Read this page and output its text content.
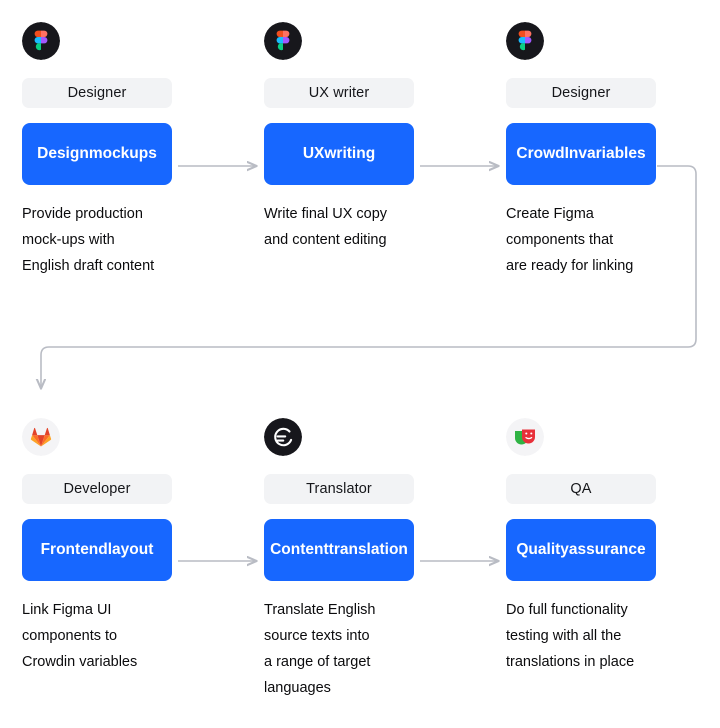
Designer
Designmockups
Provide production
mock-ups with
English draft content
UX writer
UXwriting
Write final UX copy
and content editing
Designer
CrowdInvariables
Create Figma
components that
are ready for linking
Developer
Frontendlayout
Link Figma UI
components to
Crowdin variables
Translator
Contenttranslation
Translate English
source texts into
a range of target
languages
QA
Qualityassurance
Do full functionality
testing with all the
translations in place
